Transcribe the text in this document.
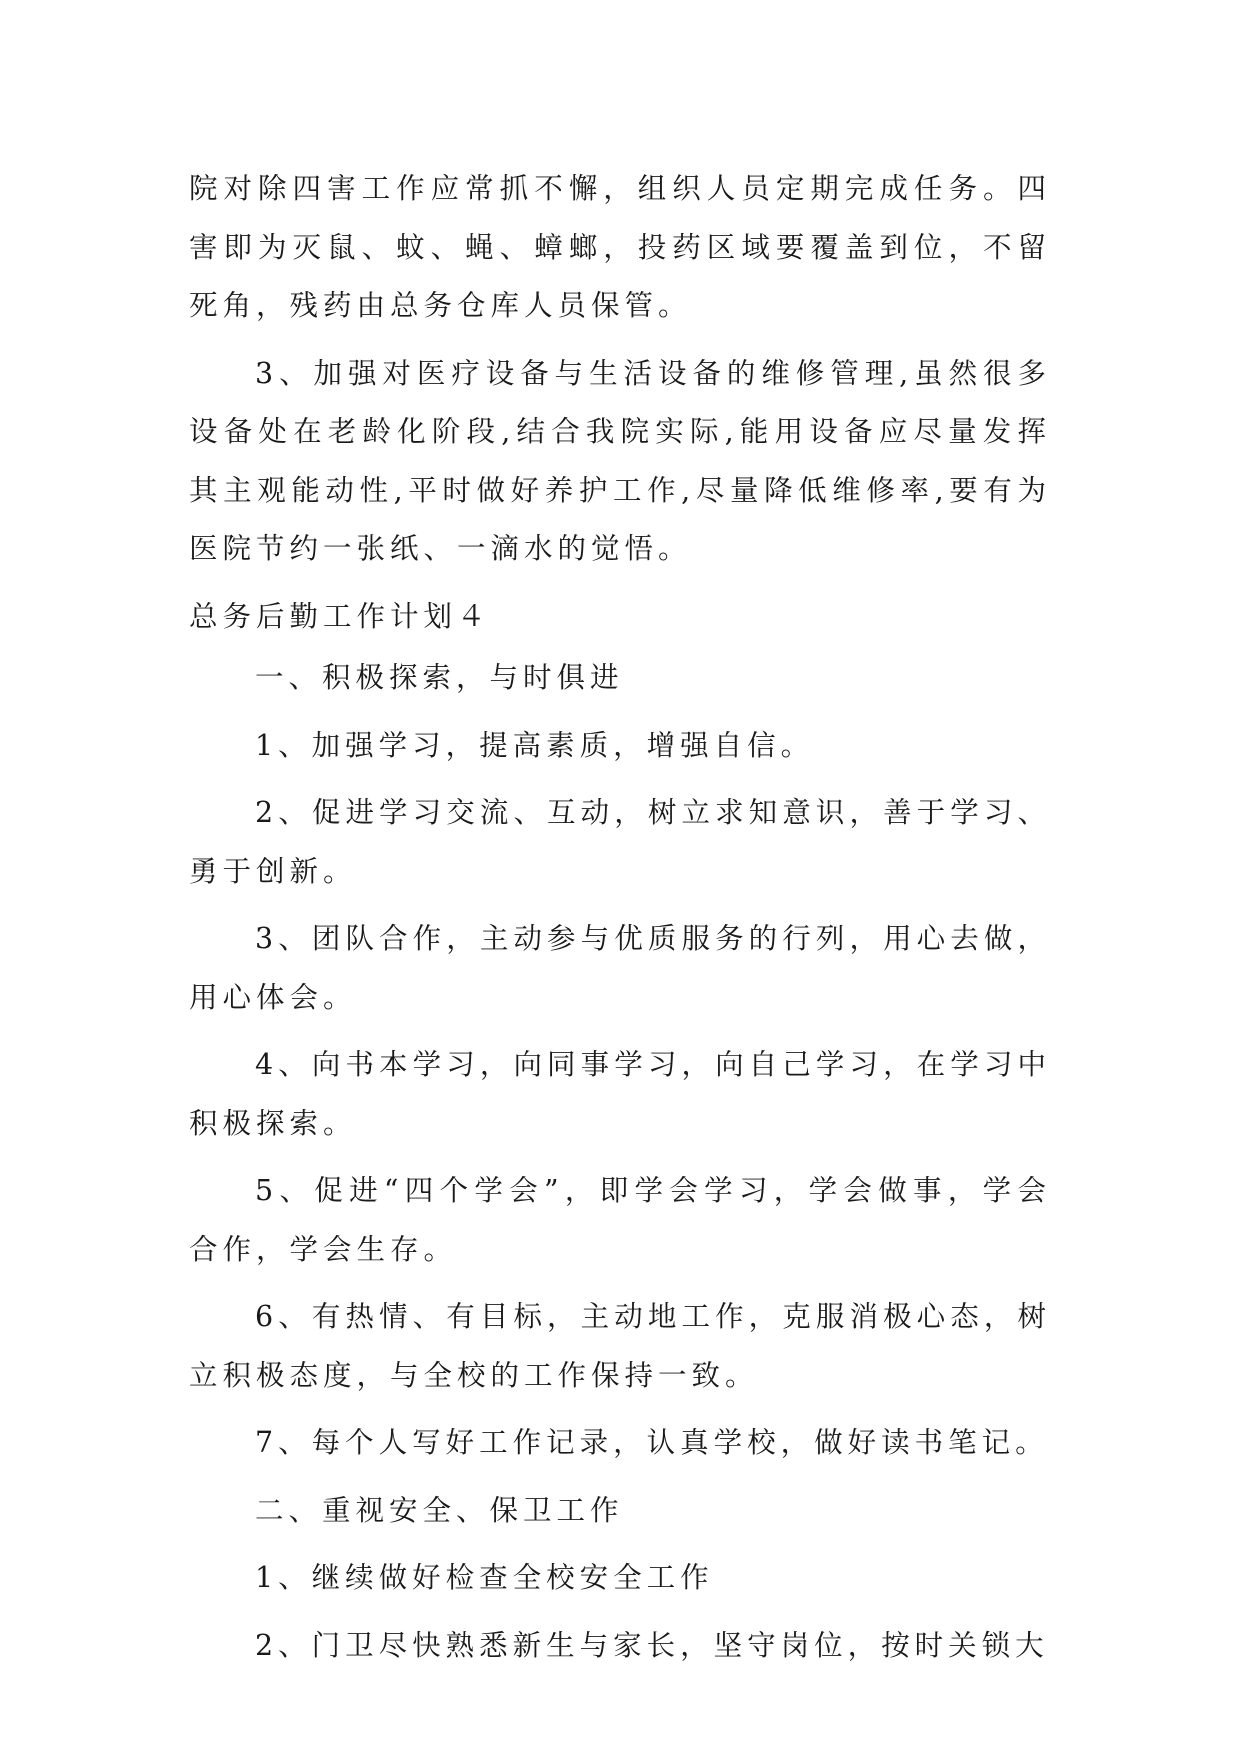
院对除四害工作应常抓不懈，组织人员定期完成任务。四害即为灭鼠、蚊、蝇、蟑螂，投药区域要覆盖到位，不留死角，残药由总务仓库人员保管。

3、加强对医疗设备与生活设备的维修管理,虽然很多设备处在老龄化阶段,结合我院实际,能用设备应尽量发挥其主观能动性,平时做好养护工作,尽量降低维修率,要有为医院节约一张纸、一滴水的觉悟。

总务后勤工作计划４

一、积极探索，与时俱进

1、加强学习，提高素质，增强自信。

2、促进学习交流、互动，树立求知意识，善于学习、勇于创新。

3、团队合作，主动参与优质服务的行列，用心去做，用心体会。

4、向书本学习，向同事学习，向自己学习，在学习中积极探索。

5、促进“四个学会”，即学会学习，学会做事，学会合作，学会生存。

6、有热情、有目标，主动地工作，克服消极心态，树立积极态度，与全校的工作保持一致。

7、每个人写好工作记录，认真学校，做好读书笔记。

二、重视安全、保卫工作

1、继续做好检查全校安全工作

2、门卫尽快熟悉新生与家长，坚守岗位，按时关锁大
